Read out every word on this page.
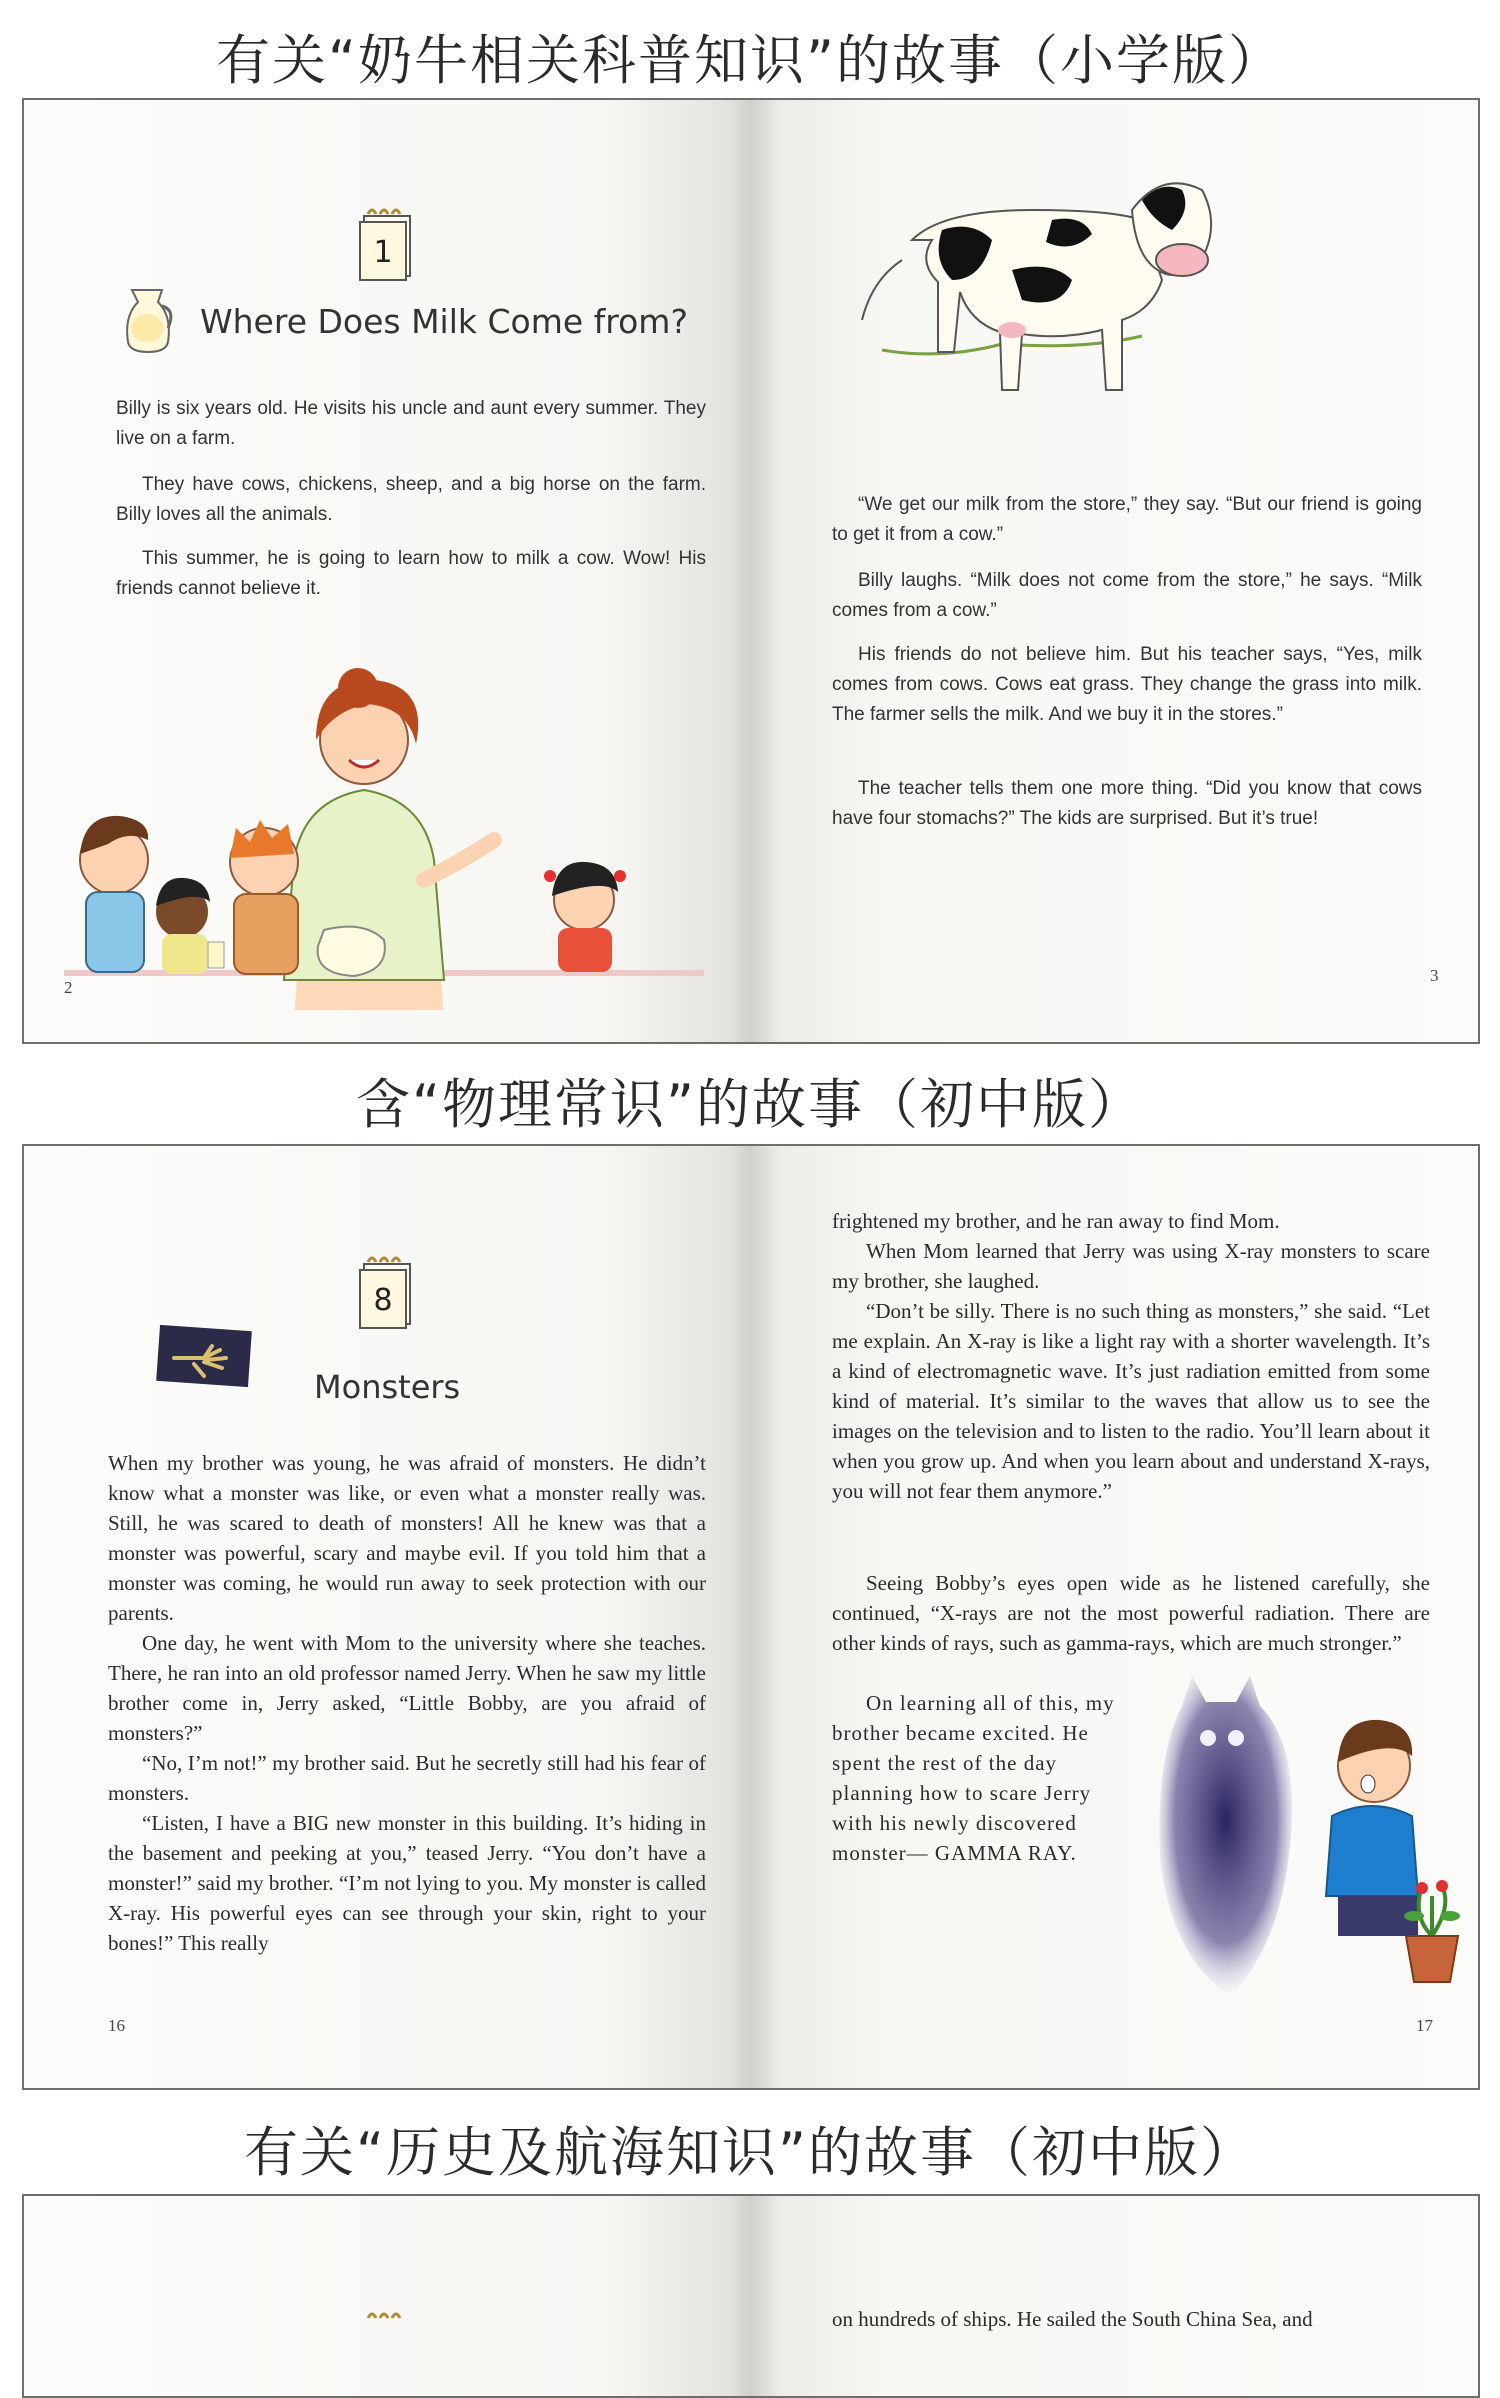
有关“奶牛相关科普知识”的故事（小学版）
1
Where Does Milk Come from?

Billy is six years old. He visits his uncle and aunt every summer. They live on a farm.

They have cows, chickens, sheep, and a big horse on the farm. Billy loves all the animals.

This summer, he is going to learn how to milk a cow. Wow! His friends cannot believe it.

2

“We get our milk from the store,” they say. “But our friend is going to get it from a cow.”

Billy laughs. “Milk does not come from the store,” he says. “Milk comes from a cow.”

His friends do not believe him. But his teacher says, “Yes, milk comes from cows. Cows eat grass. They change the grass into milk. The farmer sells the milk. And we buy it in the stores.”

The teacher tells them one more thing. “Did you know that cows have four stomachs?” The kids are surprised. But it’s true!

3
含“物理常识”的故事（初中版）
8
Monsters

When my brother was young, he was afraid of monsters. He didn’t know what a monster was like, or even what a monster really was. Still, he was scared to death of monsters! All he knew was that a monster was powerful, scary and maybe evil. If you told him that a monster was coming, he would run away to seek protection with our parents.

One day, he went with Mom to the university where she teaches. There, he ran into an old professor named Jerry. When he saw my little brother come in, Jerry asked, “Little Bobby, are you afraid of monsters?”

“No, I’m not!” my brother said. But he secretly still had his fear of monsters.

“Listen, I have a BIG new monster in this building. It’s hiding in the basement and peeking at you,” teased Jerry. “You don’t have a monster!” said my brother. “I’m not lying to you. My monster is called X-ray. His powerful eyes can see through your skin, right to your bones!” This really

16

frightened my brother, and he ran away to find Mom.

When Mom learned that Jerry was using X-ray monsters to scare my brother, she laughed.

“Don’t be silly. There is no such thing as monsters,” she said. “Let me explain. An X-ray is like a light ray with a shorter wavelength. It’s a kind of electromagnetic wave. It’s just radiation emitted from some kind of material. It’s similar to the waves that allow us to see the images on the television and to listen to the radio. You’ll learn about it when you grow up. And when you learn about and understand X-rays, you will not fear them anymore.”

Seeing Bobby’s eyes open wide as he listened carefully, she continued, “X-rays are not the most powerful radiation. There are other kinds of rays, such as gamma-rays, which are much stronger.”

On learning all of this, my brother became excited. He spent the rest of the day planning how to scare Jerry with his newly discovered monster— GAMMA RAY.

17
有关“历史及航海知识”的故事（初中版）

on hundreds of ships. He sailed the South China Sea, and
